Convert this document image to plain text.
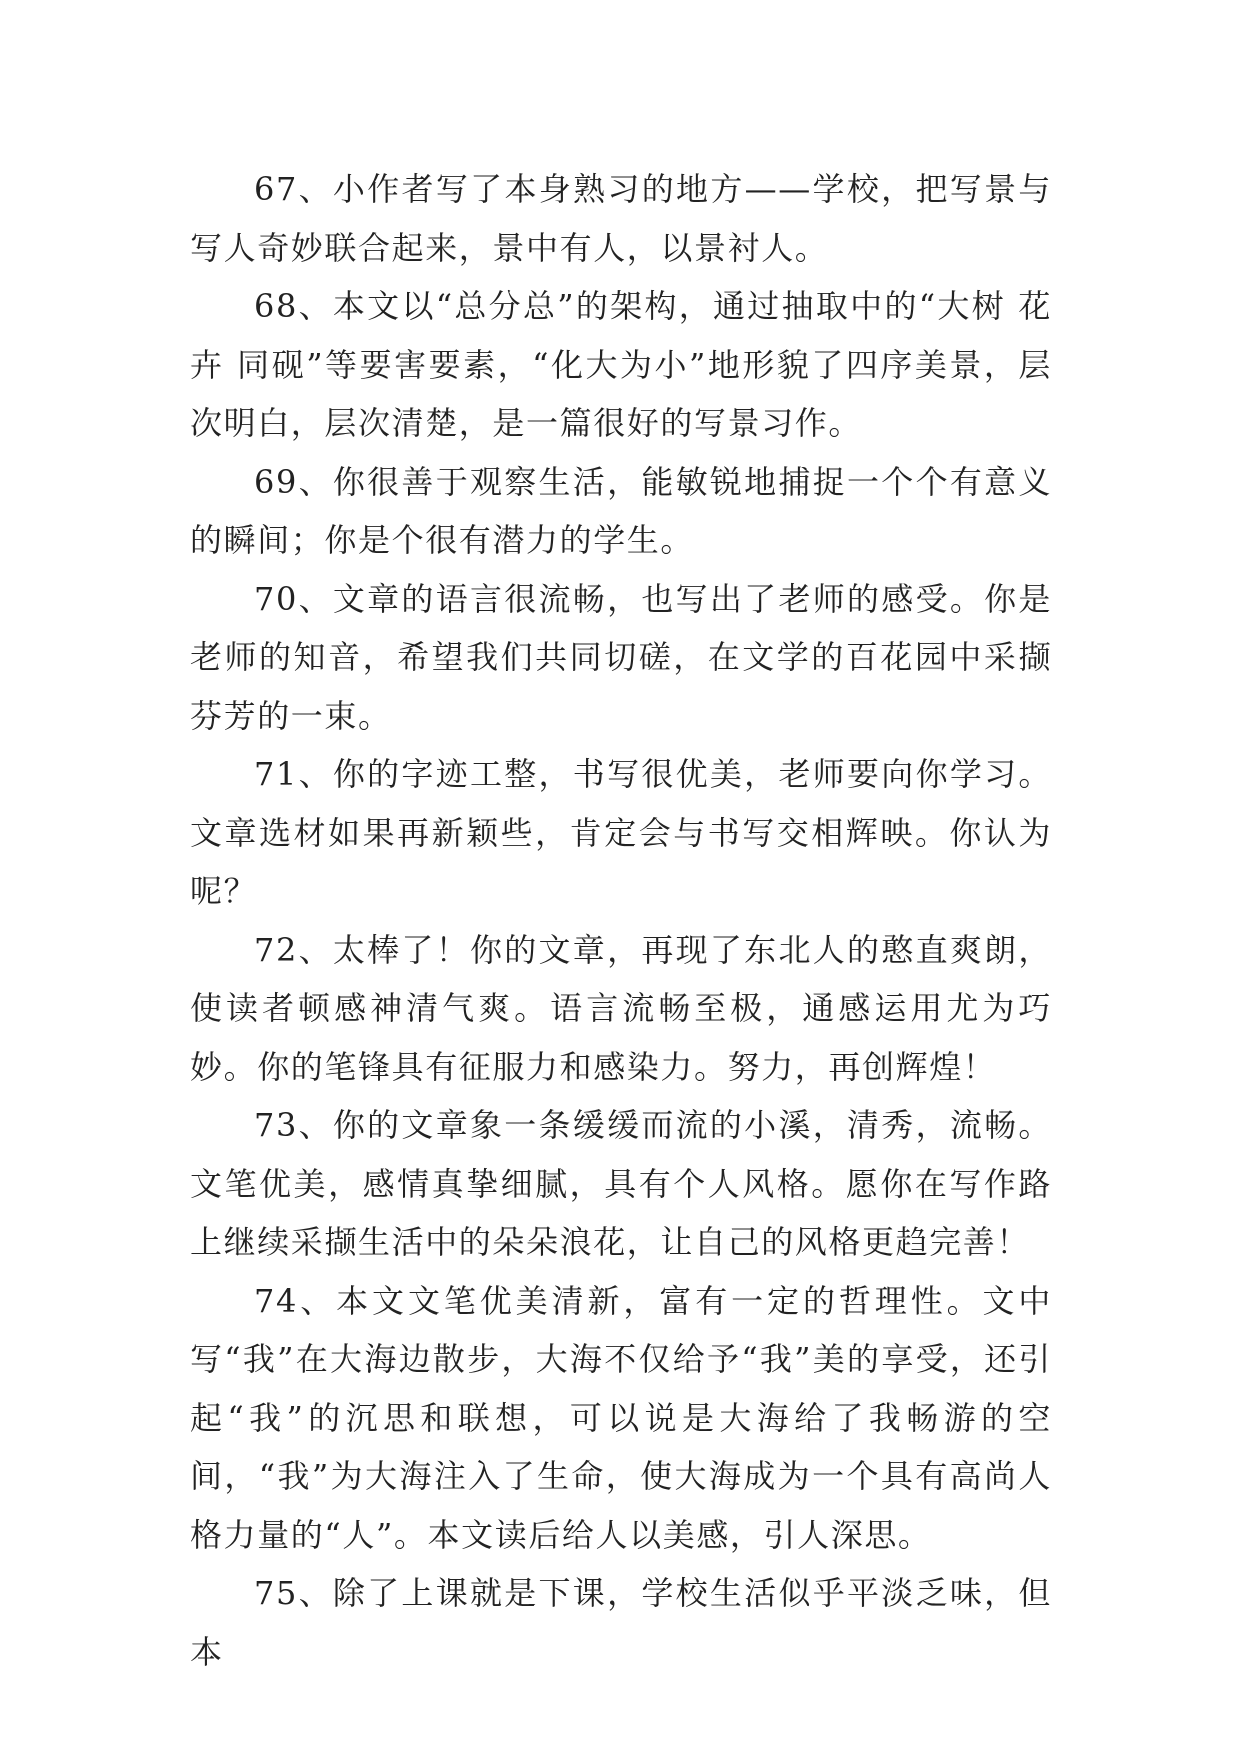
67、小作者写了本身熟习的地方——学校，把写景与写人奇妙联合起来，景中有人，以景衬人。

68、本文以“总分总”的架构，通过抽取中的“大树 花卉 同砚”等要害要素，“化大为小”地形貌了四序美景，层次明白，层次清楚，是一篇很好的写景习作。

69、你很善于观察生活，能敏锐地捕捉一个个有意义的瞬间；你是个很有潜力的学生。

70、文章的语言很流畅，也写出了老师的感受。你是老师的知音，希望我们共同切磋，在文学的百花园中采撷芬芳的一束。

71、你的字迹工整，书写很优美，老师要向你学习。文章选材如果再新颖些，肯定会与书写交相辉映。你认为呢？

72、太棒了！你的文章，再现了东北人的憨直爽朗，使读者顿感神清气爽。语言流畅至极，通感运用尤为巧妙。你的笔锋具有征服力和感染力。努力，再创辉煌！

73、你的文章象一条缓缓而流的小溪，清秀，流畅。文笔优美，感情真挚细腻，具有个人风格。愿你在写作路上继续采撷生活中的朵朵浪花，让自己的风格更趋完善！

74、本文文笔优美清新，富有一定的哲理性。文中写“我”在大海边散步，大海不仅给予“我”美的享受，还引起“我”的沉思和联想，可以说是大海给了我畅游的空间，“我”为大海注入了生命，使大海成为一个具有高尚人格力量的“人”。本文读后给人以美感，引人深思。

75、除了上课就是下课，学校生活似乎平淡乏味，但本
